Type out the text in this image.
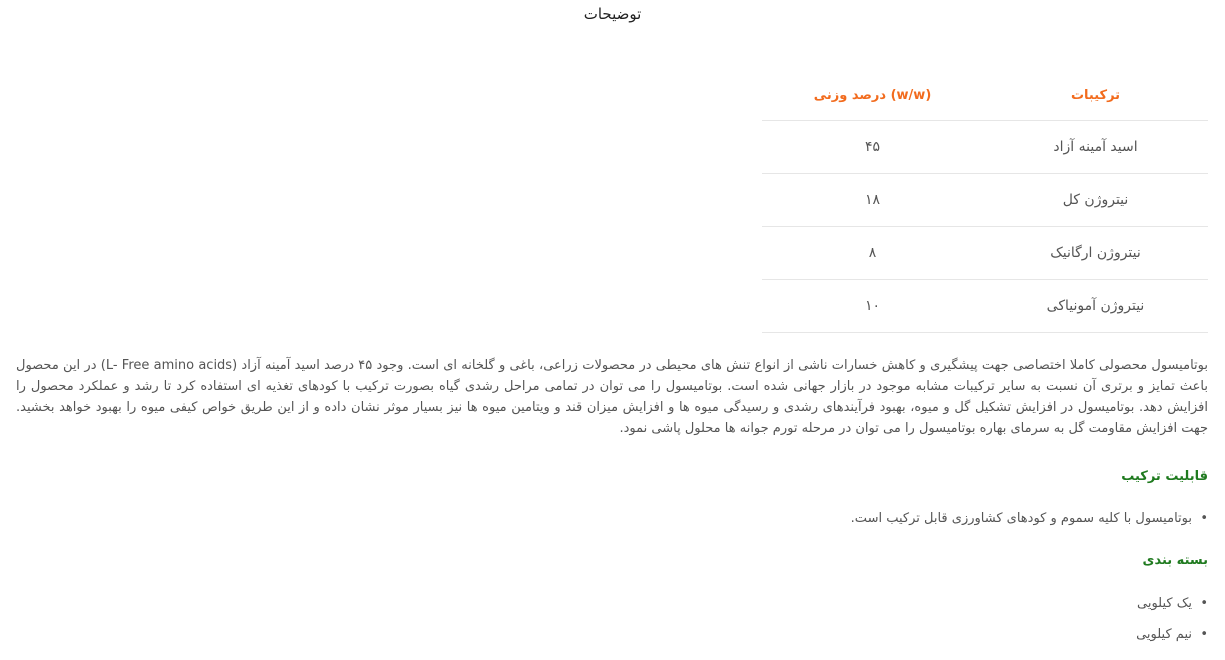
توضیحات
ترکیبات	درصد وزنی (w/w)
اسید آمینه آزاد	۴۵
نیتروژن کل	۱۸
نیتروژن ارگانیک	۸
نیتروژن آمونیاکی	۱۰

بوتامیسول محصولی کاملا اختصاصی جهت پیشگیری و کاهش خسارات ناشی از انواع تنش های محیطی در محصولات زراعی، باغی و گلخانه ای است. وجود ۴۵ درصد اسید آمینه آزاد (L- Free amino acids) در این محصول باعث تمایز و برتری آن نسبت به سایر ترکیبات مشابه موجود در بازار جهانی شده است. بوتامیسول را می توان در تمامی مراحل رشدی گیاه بصورت ترکیب با کودهای تغذیه ای استفاده کرد تا رشد و عملکرد محصول را افزایش دهد. بوتامیسول در افزایش تشکیل گل و میوه، بهبود فرآیندهای رشدی و رسیدگی میوه ها و افزایش میزان قند و ویتامین میوه ها نیز بسیار موثر نشان داده و از این طریق خواص کیفی میوه را بهبود خواهد بخشید. جهت افزایش مقاومت گل به سرمای بهاره بوتامیسول را می توان در مرحله تورم جوانه ها محلول پاشی نمود.

قابلیت ترکیب
• بوتامیسول با کلیه سموم و کودهای کشاورزی قابل ترکیب است.
بسته بندی
• یک کیلویی
• نیم کیلویی
